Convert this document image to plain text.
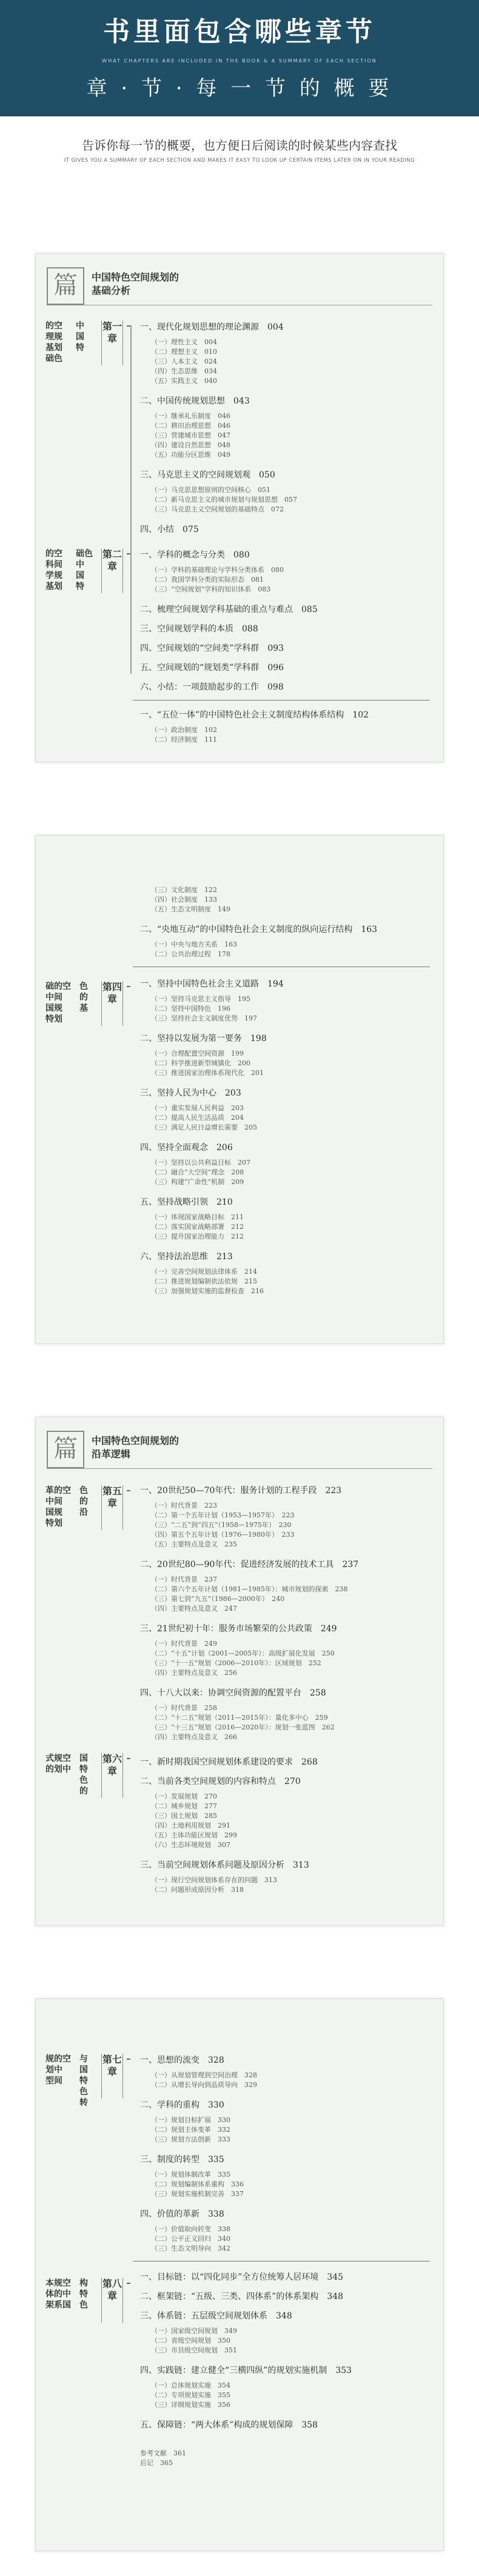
书里面包含哪些章节
WHAT CHAPTERS ARE INCLUDED IN THE BOOK & A SUMMARY OF EACH SECTION
章 · 节 · 每 一 节 的 概 要
告诉你每一节的概要，也方便日后阅读的时候某些内容查找
IT GIVES YOU A SUMMARY OF EACH SECTION AND MAKES IT EASY TO LOOK UP CERTAIN ITEMS LATER ON IN YOUR READING
篇	中国特色空间规划的
基础分析
的空
理规
基划
础色
中
国
特
第一章
一、现代化规划思想的理论渊源　004
（一）理性主义　004
（二）理想主义　010
（三）人本主义　024
（四）生态思维　034
（五）实践主义　040
二、中国传统规划思想　043
（一）继承礼乐制度　046
（二）耕田治理思想　046
（三）营建城市思想　047
（四）建设自然思想　048
（五）功能分区思维　049
三、马克思主义的空间规划观　050
（一）马克思思想原则的空间核心　051
（二）新马克思主义的城市规划与规划思想　057
（三）马克思主义空间规划的基础特点　072
四、小结　075
的空
科间
学规
基划
础色
中
国
特
第二章
一、学科的概念与分类　080
（一）学科的基础理论与学科分类体系　080
（二）我国学科分类的实际形态　081
（三）“空间规划”学科的知识体系　083
二、梳理空间规划学科基础的重点与难点　085
三、空间规划学科的本质　088
四、空间规划的“空间类”学科群　093
五、空间规划的“规划类”学科群　096
六、小结：一项鼓励起步的工作　098
一、“五位一体”的中国特色社会主义制度结构体系结构　102
（一）政治制度　102
（二）经济制度　111
（三）文化制度　122
（四）社会制度　133
（五）生态文明制度　149
二、“央地互动”的中国特色社会主义制度的纵向运行结构　163
（一）中央与地方关系　163
（二）公共治理过程　178
础的空
中间
国规
特划
色
的
基
第四章
一、坚持中国特色社会主义道路　194
（一）坚持马克思主义指导　195
（二）坚持中国特色　196
（三）坚持社会主义制度优势　197
二、坚持以发展为第一要务　198
（一）合理配置空间资源　199
（二）科学推进新型城镇化　200
（三）推进国家治理体系现代化　201
三、坚持人民为中心　203
（一）重实发展人民利益　203
（二）提高人民生活品质　204
（三）满足人民日益增长需要　205
四、坚持全面观念　206
（一）坚持以公共利益目标　207
（二）融合“大空间”理念　208
（三）构建“广命性”机制　209
五、坚持战略引领　210
（一）体现国家战略目标　211
（二）落实国家战略部署　212
（三）提升国家治理能力　212
六、坚持法治思维　213
（一）完善空间规划法律体系　214
（二）推进规划编制依法依规　215
（三）加强规划实施的监督检查　216
篇	中国特色空间规划的
沿革逻辑
革的空
中间
国规
特划
色
的
沿
第五章
一、20世纪50—70年代：服务计划的工程手段　223
（一）时代背景　223
（二）第一个五年计划（1953—1957年）　223
（三）“二五”到“四五”（1958—1975年）　230
（四）第五个五年计划（1976—1980年）　233
（五）主要特点及意义　235
二、20世纪80—90年代：促进经济发展的技术工具　237
（一）时代背景　237
（二）第六个五年计划（1981—1985年）：城市规划的探索　238
（三）第七到“九五”（1986—2000年）　240
（四）主要特点及意义　247
三、21世纪初十年：服务市场繁荣的公共政策　249
（一）时代背景　249
（二）“十五”计划（2001—2005年）：高级扩展化发展　250
（三）“十一五”规划（2006—2010年）：区域规划　252
（四）主要特点及意义　256
四、十八大以来：协调空间资源的配置平台　258
（一）时代背景　258
（二）“十二五”规划（2011—2015年）：量化多中心　259
（三）“十三五”规划（2016—2020年）：规划一张蓝图　262
（四）主要特点及意义　266
式规空
的划中
国
特
色
的
第六章
一、新时期我国空间规划体系建设的要求　268
二、当前各类空间规划的内容和特点　270
（一）发展规划　270
（二）城乡规划　277
（三）国土规划　285
（四）土地利用规划　291
（五）主体功能区规划　299
（六）生态环境规划　307
三、当前空间规划体系问题及原因分析　313
（一）现行空间规划体系存在的问题　313
（二）问题形成原因分析　318
规的空
划中
型间
与
国
特
色
转
第七章
一、思想的流变　328
（一）从规划管理到空间治理　328
（二）从增长导向到品质导向　329
二、学科的重构　330
（一）规划目标扩展　330
（二）规划主体变革　332
（三）规划方法创新　333
三、制度的转型　335
（一）规划体制改革　335
（二）规划编制体系重构　336
（三）规划实施机制完善　337
四、价值的革新　338
（一）价值取向转变　338
（二）公平正义回归　340
（三）生态文明导向　342
本规空
体的中
架系国
构
特
色
第八章
一、目标链：以“四化同步”全方位统筹人居环境　345
二、框架链：“五级、三类、四体系”的体系架构　348
三、体系链：五层级空间规划体系　348
（一）国家级空间规划　349
（二）省级空间规划　350
（三）市县级空间规划　351
四、实践链：建立健全“三横四纵”的规划实施机制　353
（一）总体规划实施　354
（二）专项规划实施　355
（三）详细规划实施　356
五、保障链：“两大体系”构成的规划保障　358
参考文献　361
后记　365
